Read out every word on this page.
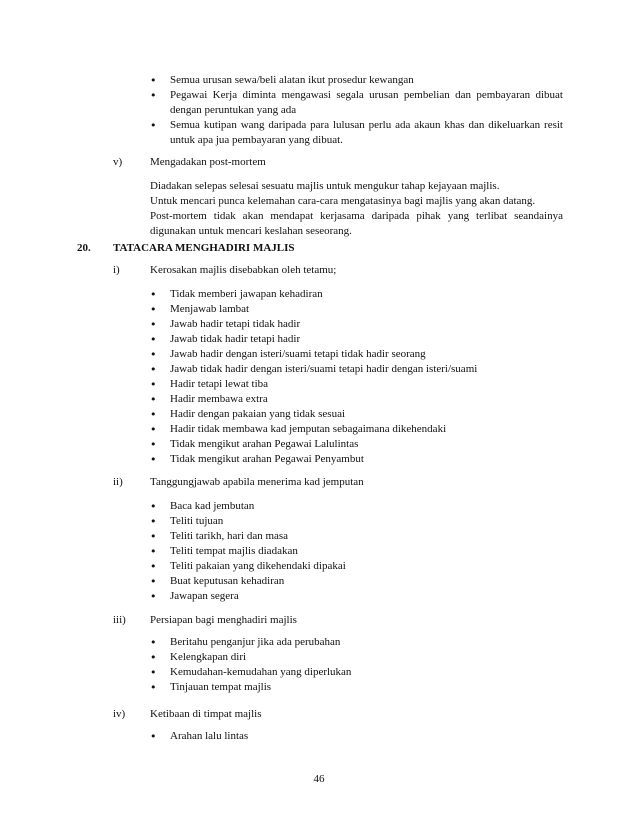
• Semua urusan sewa/beli alatan ikut prosedur kewangan
• Pegawai Kerja diminta mengawasi segala urusan pembelian dan pembayaran dibuat dengan peruntukan yang ada
• Semua kutipan wang daripada para lulusan perlu ada akaun khas dan dikeluarkan resit untuk apa jua pembayaran yang dibuat.
v)	Mengadakan post-mortem

Diadakan selepas selesai sesuatu majlis untuk mengukur tahap kejayaan majlis.

Untuk mencari punca kelemahan cara-cara mengatasinya bagi majlis yang akan datang.

Post-mortem tidak akan mendapat kerjasama daripada pihak yang terlibat seandainya digunakan untuk mencari keslahan seseorang.

20. TATACARA MENGHADIRI MAJLIS
i)	Kerosakan majlis disebabkan oleh tetamu;
• Tidak memberi jawapan kehadiran
• Menjawab lambat
• Jawab hadir tetapi tidak hadir
• Jawab tidak hadir tetapi hadir
• Jawab hadir dengan isteri/suami tetapi tidak hadir seorang
• Jawab tidak hadir dengan isteri/suami tetapi hadir dengan isteri/suami
• Hadir tetapi lewat tiba
• Hadir membawa extra
• Hadir dengan pakaian yang tidak sesuai
• Hadir tidak membawa kad jemputan sebagaimana dikehendaki
• Tidak mengikut arahan Pegawai Lalulintas
• Tidak mengikut arahan Pegawai Penyambut
ii) Tanggungjawab apabila menerima kad jemputan
• Baca kad jembutan
• Teliti tujuan
• Teliti tarikh, hari dan masa
• Teliti tempat majlis diadakan
• Teliti pakaian yang dikehendaki dipakai
• Buat keputusan kehadiran
• Jawapan segera
iii) Persiapan bagi menghadiri majlis
• Beritahu penganjur jika ada perubahan
• Kelengkapan diri
• Kemudahan-kemudahan yang diperlukan
• Tinjauan tempat majlis
iv) Ketibaan di timpat majlis
• Arahan lalu lintas
46
